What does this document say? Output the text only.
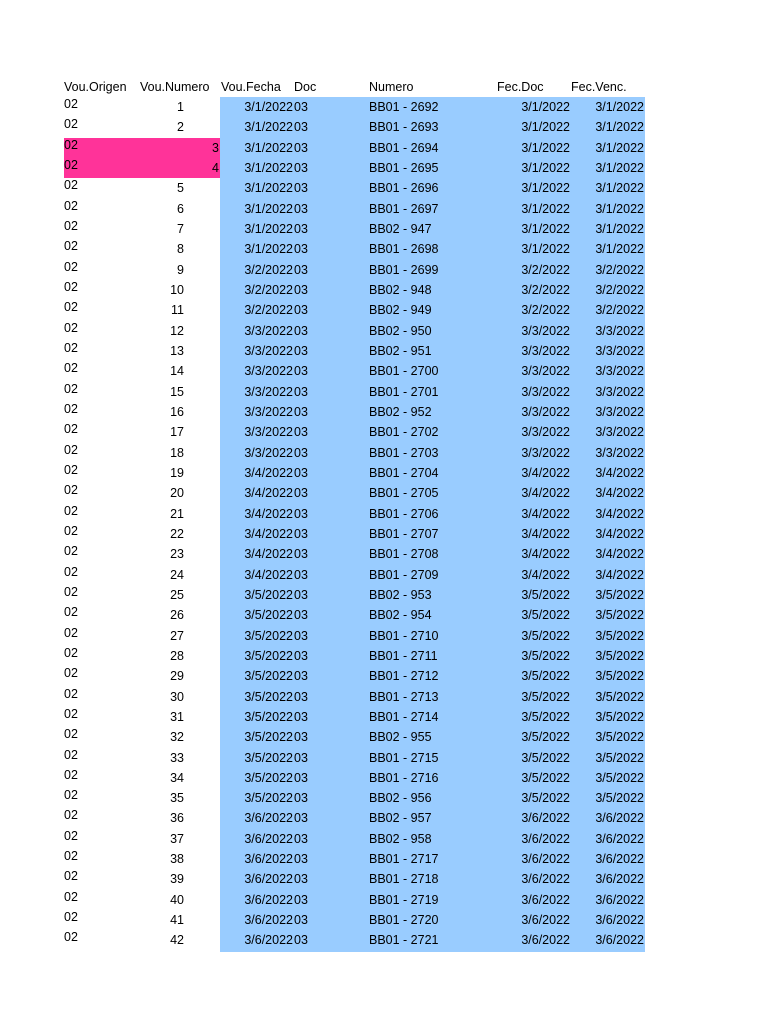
Vou.Origen	Vou.Numero Vou.Fecha	Doc	Numero	Fec.Doc	Fec.Venc.
02	1	3/1/2022 03	BB01 - 2692	3/1/2022	3/1/2022
02	2	3/1/2022 03	BB01 - 2693	3/1/2022	3/1/2022
02	3	3/1/2022 03	BB01 - 2694	3/1/2022	3/1/2022
02	4	3/1/2022 03	BB01 - 2695	3/1/2022	3/1/2022
02	5	3/1/2022 03	BB01 - 2696	3/1/2022	3/1/2022
02	6	3/1/2022 03	BB01 - 2697	3/1/2022	3/1/2022
02	7	3/1/2022 03	BB02 - 947	3/1/2022	3/1/2022
02	8	3/1/2022 03	BB01 - 2698	3/1/2022	3/1/2022
02	9	3/2/2022 03	BB01 - 2699	3/2/2022	3/2/2022
02	10	3/2/2022 03	BB02 - 948	3/2/2022	3/2/2022
02	11	3/2/2022 03	BB02 - 949	3/2/2022	3/2/2022
02	12	3/3/2022 03	BB02 - 950	3/3/2022	3/3/2022
02	13	3/3/2022 03	BB02 - 951	3/3/2022	3/3/2022
02	14	3/3/2022 03	BB01 - 2700	3/3/2022	3/3/2022
02	15	3/3/2022 03	BB01 - 2701	3/3/2022	3/3/2022
02	16	3/3/2022 03	BB02 - 952	3/3/2022	3/3/2022
02	17	3/3/2022 03	BB01 - 2702	3/3/2022	3/3/2022
02	18	3/3/2022 03	BB01 - 2703	3/3/2022	3/3/2022
02	19	3/4/2022 03	BB01 - 2704	3/4/2022	3/4/2022
02	20	3/4/2022 03	BB01 - 2705	3/4/2022	3/4/2022
02	21	3/4/2022 03	BB01 - 2706	3/4/2022	3/4/2022
02	22	3/4/2022 03	BB01 - 2707	3/4/2022	3/4/2022
02	23	3/4/2022 03	BB01 - 2708	3/4/2022	3/4/2022
02	24	3/4/2022 03	BB01 - 2709	3/4/2022	3/4/2022
02	25	3/5/2022 03	BB02 - 953	3/5/2022	3/5/2022
02	26	3/5/2022 03	BB02 - 954	3/5/2022	3/5/2022
02	27	3/5/2022 03	BB01 - 2710	3/5/2022	3/5/2022
02	28	3/5/2022 03	BB01 - 2711	3/5/2022	3/5/2022
02	29	3/5/2022 03	BB01 - 2712	3/5/2022	3/5/2022
02	30	3/5/2022 03	BB01 - 2713	3/5/2022	3/5/2022
02	31	3/5/2022 03	BB01 - 2714	3/5/2022	3/5/2022
02	32	3/5/2022 03	BB02 - 955	3/5/2022	3/5/2022
02	33	3/5/2022 03	BB01 - 2715	3/5/2022	3/5/2022
02	34	3/5/2022 03	BB01 - 2716	3/5/2022	3/5/2022
02	35	3/5/2022 03	BB02 - 956	3/5/2022	3/5/2022
02	36	3/6/2022 03	BB02 - 957	3/6/2022	3/6/2022
02	37	3/6/2022 03	BB02 - 958	3/6/2022	3/6/2022
02	38	3/6/2022 03	BB01 - 2717	3/6/2022	3/6/2022
02	39	3/6/2022 03	BB01 - 2718	3/6/2022	3/6/2022
02	40	3/6/2022 03	BB01 - 2719	3/6/2022	3/6/2022
02	41	3/6/2022 03	BB01 - 2720	3/6/2022	3/6/2022
02	42	3/6/2022 03	BB01 - 2721	3/6/2022	3/6/2022
